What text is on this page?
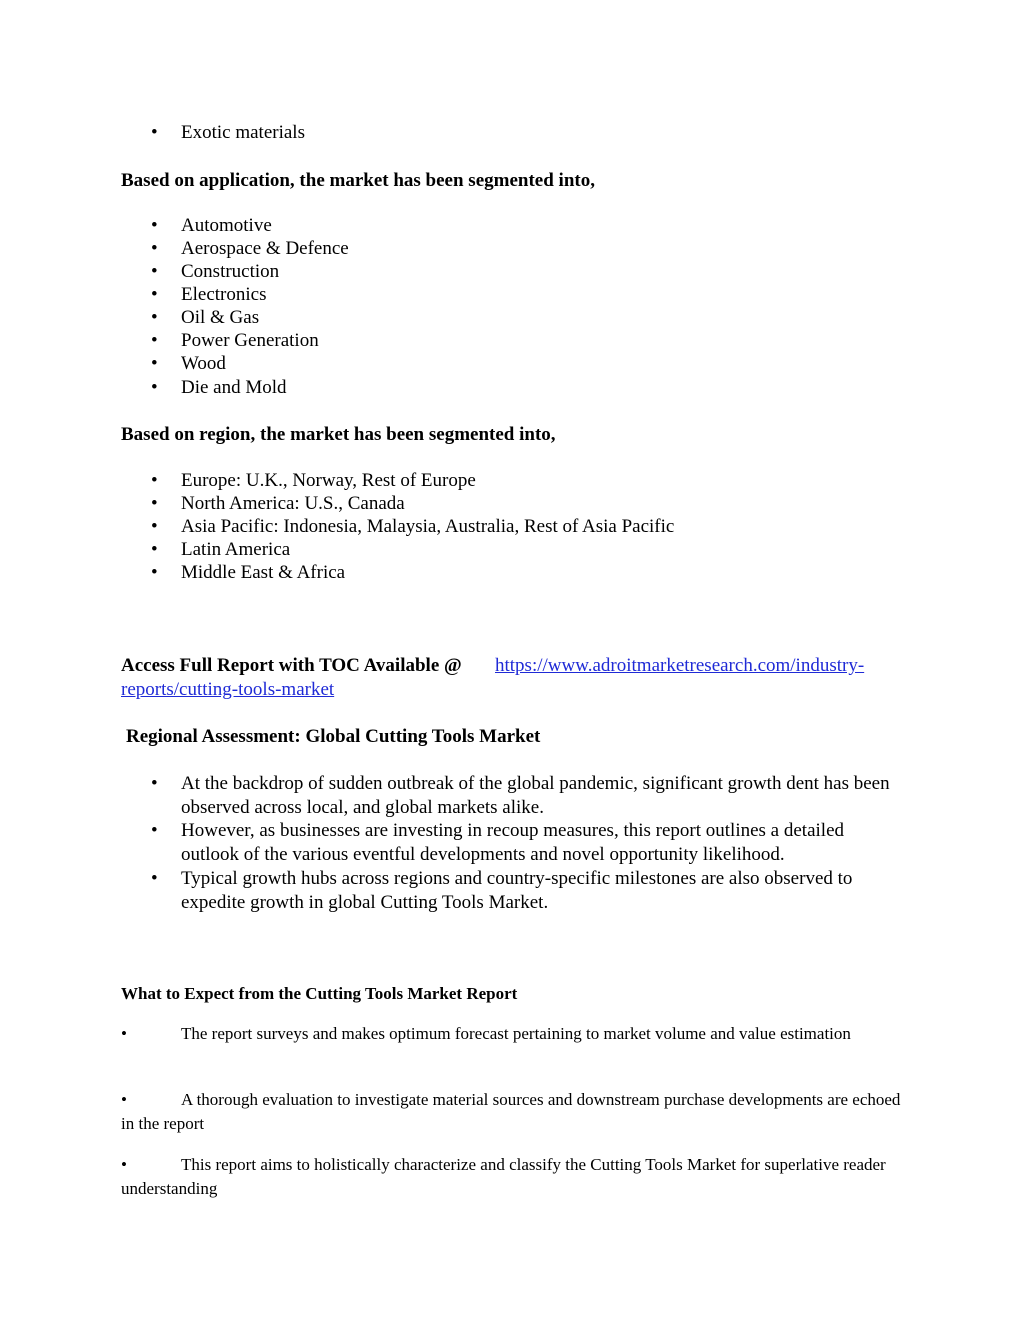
• Exotic materials
Based on application, the market has been segmented into,
• Automotive
• Aerospace & Defence
• Construction
• Electronics
• Oil & Gas
• Power Generation
• Wood
• Die and Mold
Based on region, the market has been segmented into,
• Europe: U.K., Norway, Rest of Europe
• North America: U.S., Canada
• Asia Pacific: Indonesia, Malaysia, Australia, Rest of Asia Pacific
• Latin America
• Middle East & Africa
Access Full Report with TOC Available @ https://www.adroitmarketresearch.com/industry-
reports/cutting-tools-market
Regional Assessment: Global Cutting Tools Market
• At the backdrop of sudden outbreak of the global pandemic, significant growth dent has been observed across local, and global markets alike.
• However, as businesses are investing in recoup measures, this report outlines a detailed outlook of the various eventful developments and novel opportunity likelihood.
• Typical growth hubs across regions and country-specific milestones are also observed to expedite growth in global Cutting Tools Market.
What to Expect from the Cutting Tools Market Report
•	The report surveys and makes optimum forecast pertaining to market volume and value estimation
•	A thorough evaluation to investigate material sources and downstream purchase developments are echoed in the report
•	This report aims to holistically characterize and classify the Cutting Tools Market for superlative reader understanding
